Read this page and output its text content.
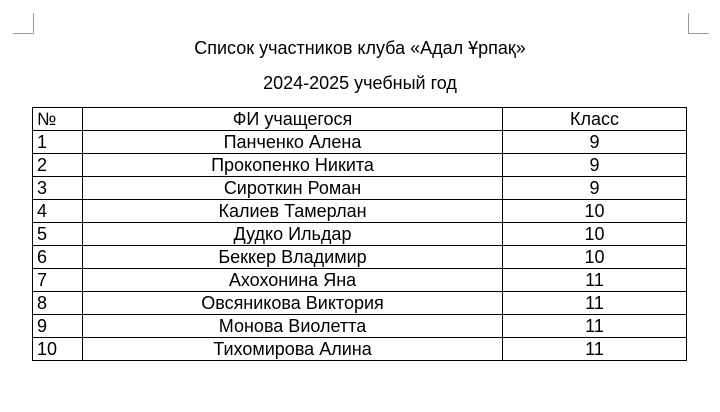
Список участников клуба «Адал Ұрпақ»
2024-2025 учебный год
№	ФИ учащегося	Класс
1	Панченко Алена	9
2	Прокопенко Никита	9
3	Сироткин Роман	9
4	Калиев Тамерлан	10
5	Дудко Ильдар	10
6	Беккер Владимир	10
7	Ахохонина Яна	11
8	Овсяникова Виктория	11
9	Монова Виолетта	11
10	Тихомирова Алина	11
